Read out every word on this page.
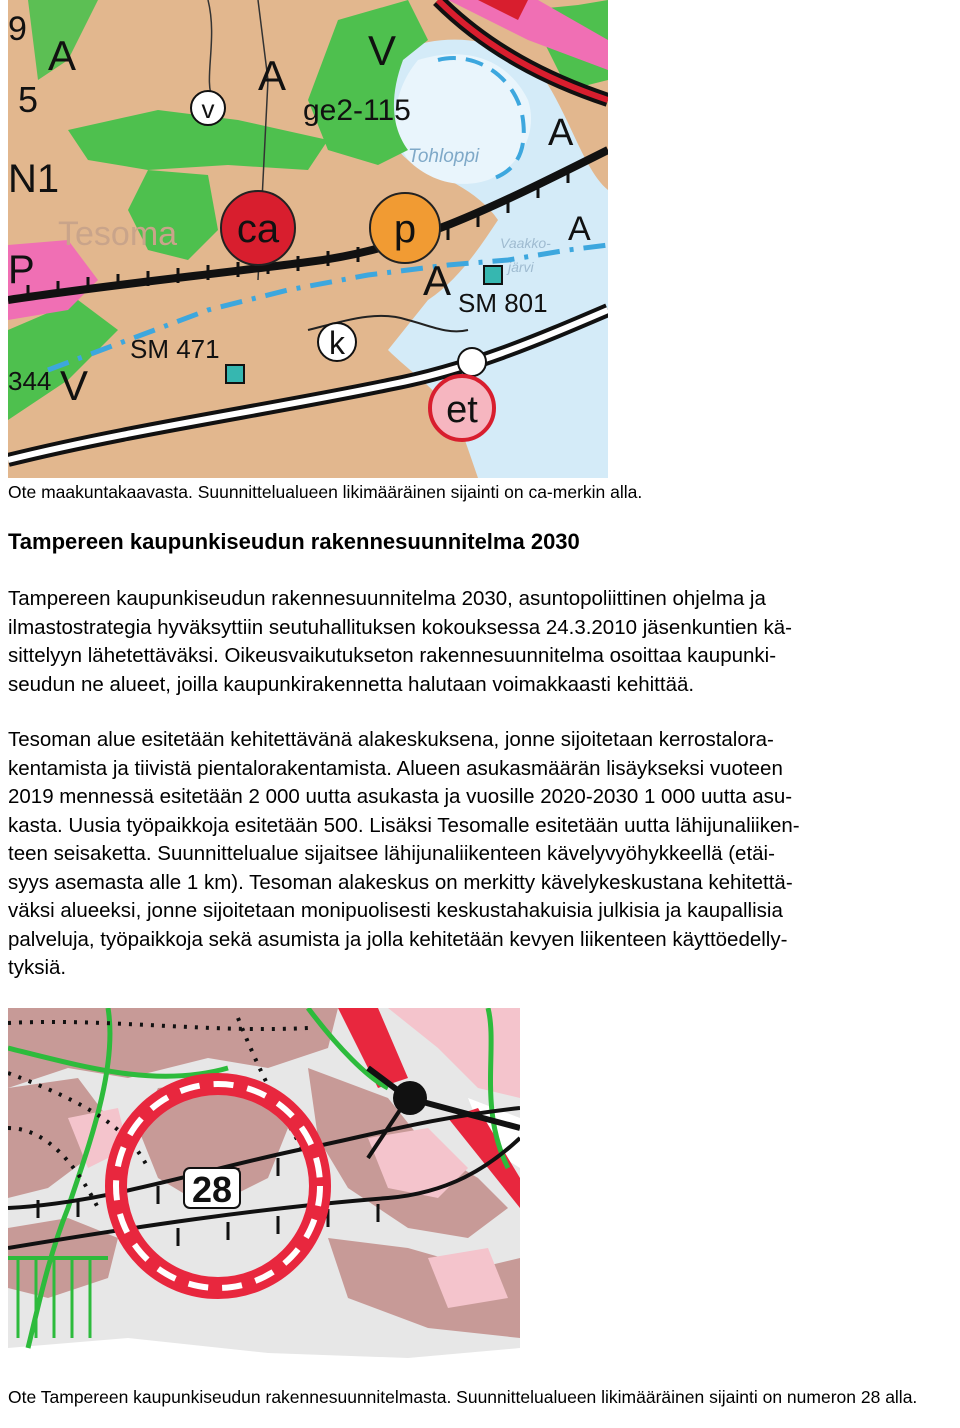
A	A
V
A
A
A
V
N1
5
9
P
ge2-115
Tohloppi
Tesoma	Vaakko-
järvi
SM 801
SM 471
344
v
ca	p
k
et

Ote maakuntakaavasta. Suunnittelualueen likimääräinen sijainti on ca-merkin alla.

Tampereen kaupunkiseudun rakennesuunnitelma 2030

Tampereen kaupunkiseudun rakennesuunnitelma 2030, asuntopoliittinen ohjelma ja
ilmastostrategia hyväksyttiin seutuhallituksen kokouksessa 24.3.2010 jäsenkuntien kä-
sittelyyn lähetettäväksi. Oikeusvaikutukseton rakennesuunnitelma osoittaa kaupunki-
seudun ne alueet, joilla kaupunkirakennetta halutaan voimakkaasti kehittää.

Tesoman alue esitetään kehitettävänä alakeskuksena, jonne sijoitetaan kerrostalora-
kentamista ja tiivistä pientalorakentamista. Alueen asukasmäärän lisäykseksi vuoteen
2019 mennessä esitetään 2 000 uutta asukasta ja vuosille 2020-2030 1 000 uutta asu-
kasta. Uusia työpaikkoja esitetään 500. Lisäksi Tesomalle esitetään uutta lähijunaliiken-
teen seisaketta. Suunnittelualue sijaitsee lähijunaliikenteen kävelyvyöhykkeellä (etäi-
syys asemasta alle 1 km). Tesoman alakeskus on merkitty kävelykeskustana kehitettä-
väksi alueeksi, jonne sijoitetaan monipuolisesti keskustahakuisia julkisia ja kaupallisia
palveluja, työpaikkoja sekä asumista ja jolla kehitetään kevyen liikenteen käyttöedelly-
tyksiä.

28

Ote Tampereen kaupunkiseudun rakennesuunnitelmasta. Suunnittelualueen likimääräinen sijainti on numeron 28 alla.
